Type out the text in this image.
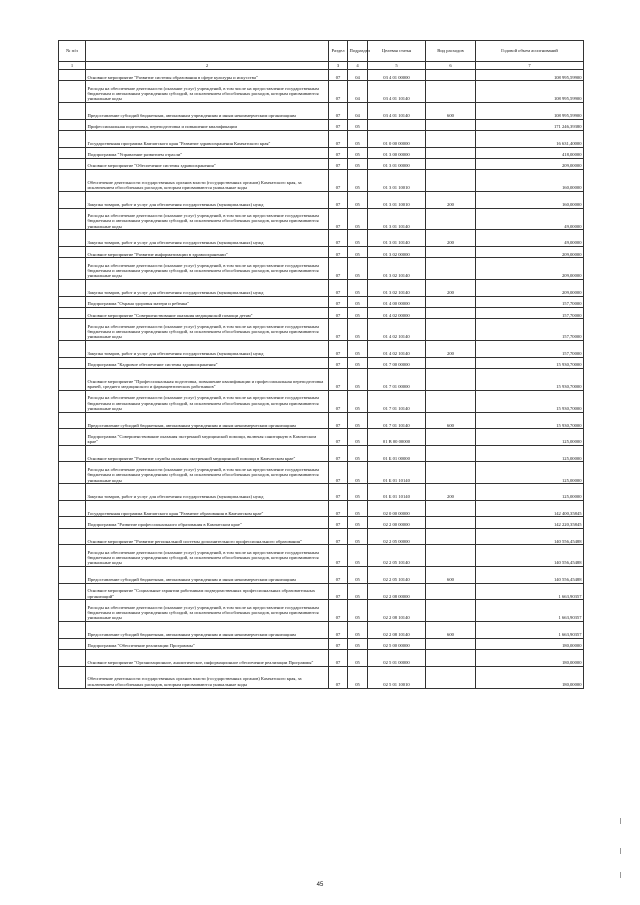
№ п/п		Раздел	Подраздел	Целевая статья	Вид расходов	Годовой объем ассигнований
1	2	3	4	5	6	7
	Основное мероприятие "Развитие системы образования в сфере культуры и искусства"	07	04	03 4 01 00000		108 995,59900
	Расходы на обеспечение деятельности (оказание услуг) учреждений, в том числе на предоставление государственным бюджетным и автономным учреждениям субсидий, за исключением обособленных расходов, которым присваиваются уникальные коды	07	04	03 4 01 10140		108 995,59900
	Предоставление субсидий бюджетным, автономным учреждениям и иным некоммерческим организациям	07	04	03 4 01 10140	600	108 995,59900
	Профессиональная подготовка, переподготовка и повышение квалификации	07	05			171 246,39380
	Государственная программа Камчатского края "Развитие здравоохранения Камчатского края"	07	05	01 0 00 00000		16 631,40000
	Подпрограмма "Управление развитием отрасли"	07	05	01 3 00 00000		418,00000
	Основное мероприятие "Обеспечение системы здравоохранения"	07	05	01 3 01 00000		209,00000
	Обеспечение деятельности государственных органов власти (государственных органов) Камчатского края, за исключением обособленных расходов, которым присваиваются уникальные коды	07	05	01 3 01 10010		160,00000
	Закупка товаров, работ и услуг для обеспечения государственных (муниципальных) нужд	07	05	01 3 01 10010	200	160,00000
	Расходы на обеспечение деятельности (оказание услуг) учреждений, в том числе на предоставление государственным бюджетным и автономным учреждениям субсидий, за исключением обособленных расходов, которым присваиваются уникальные коды	07	05	01 3 01 10140		49,00000
	Закупка товаров, работ и услуг для обеспечения государственных (муниципальных) нужд	07	05	01 3 01 10140	200	49,00000
	Основное мероприятие "Развитие информатизации в здравоохранении"	07	05	01 3 02 00000		209,00000
	Расходы на обеспечение деятельности (оказание услуг) учреждений, в том числе на предоставление государственным бюджетным и автономным учреждениям субсидий, за исключением обособленных расходов, которым присваиваются уникальные коды	07	05	01 3 02 10140		209,00000
	Закупка товаров, работ и услуг для обеспечения государственных (муниципальных) нужд	07	05	01 3 02 10140	200	209,00000
	Подпрограмма "Охрана здоровья матери и ребенка"	07	05	01 4 00 00000		157,70000
	Основное мероприятие "Совершенствование оказания медицинской помощи детям"	07	05	01 4 02 00000		157,70000
	Расходы на обеспечение деятельности (оказание услуг) учреждений, в том числе на предоставление государственным бюджетным и автономным учреждениям субсидий, за исключением обособленных расходов, которым присваиваются уникальные коды	07	05	01 4 02 10140		157,70000
	Закупка товаров, работ и услуг для обеспечения государственных (муниципальных) нужд	07	05	01 4 02 10140	200	157,70000
	Подпрограмма "Кадровое обеспечение системы здравоохранения"	07	05	01 7 00 00000		15 930,70000
	Основное мероприятие "Профессиональная подготовка, повышение квалификации и профессиональная переподготовка врачей, среднего медицинского и фармацевтических работников"	07	05	01 7 01 00000		15 930,70000
	Расходы на обеспечение деятельности (оказание услуг) учреждений, в том числе на предоставление государственным бюджетным и автономным учреждениям субсидий, за исключением обособленных расходов, которым присваиваются уникальные коды	07	05	01 7 01 10140		15 930,70000
	Предоставление субсидий бюджетным, автономным учреждениям и иным некоммерческим организациям	07	05	01 7 01 10140	600	15 930,70000
	Подпрограмма "Совершенствование оказания экстренной медицинской помощи, включая санитарную в Камчатском крае"	07	05	01 В 00 00000		125,00000
	Основное мероприятие "Развитие службы оказания экстренной медицинской помощи в Камчатском крае"	07	05	01 Б 01 00000		125,00000
	Расходы на обеспечение деятельности (оказание услуг) учреждений, в том числе на предоставление государственным бюджетным и автономным учреждениям субсидий, за исключением обособленных расходов, которым присваиваются уникальные коды	07	05	01 Б 01 10140		125,00000
	Закупка товаров, работ и услуг для обеспечения государственных (муниципальных) нужд	07	05	01 Б 01 10140	200	125,00000
	Государственная программа Камчатского края "Развитие образования в Камчатском крае"	07	05	02 0 00 00000		142 400,35845
	Подпрограмма "Развитие профессионального образования в Камчатском крае"	07	05	02 2 00 00000		142 220,35845
	Основное мероприятие "Развитие региональной системы дополнительного профессионального образования"	07	05	02 2 05 00000		140 556,45488
	Расходы на обеспечение деятельности (оказание услуг) учреждений, в том числе на предоставление государственным бюджетным и автономным учреждениям субсидий, за исключением обособленных расходов, которым присваиваются уникальные коды	07	05	02 2 05 10140		140 556,45488
	Предоставление субсидий бюджетным, автономным учреждениям и иным некоммерческим организациям	07	05	02 2 05 10140	600	140 556,45488
	Основное мероприятие "Социальные гарантии работникам подведомственных профессиональных образовательных организаций"	07	05	02 2 08 00000		1 663,90357
	Расходы на обеспечение деятельности (оказание услуг) учреждений, в том числе на предоставление государственным бюджетным и автономным учреждениям субсидий, за исключением обособленных расходов, которым присваиваются уникальные коды	07	05	02 2 08 10140		1 663,90357
	Предоставление субсидий бюджетным, автономным учреждениям и иным некоммерческим организациям	07	05	02 2 08 10140	600	1 663,90357
	Подпрограмма "Обеспечение реализации Программы"	07	05	02 5 00 00000		180,00000
	Основное мероприятие "Организационное, аналитическое, информационное обеспечение реализации Программы"	07	05	02 5 01 00000		180,00000
	Обеспечение деятельности государственных органов власти (государственных органов) Камчатского края, за исключением обособленных расходов, которым присваиваются уникальные коды	07	05	02 5 01 10010		180,00000
45
